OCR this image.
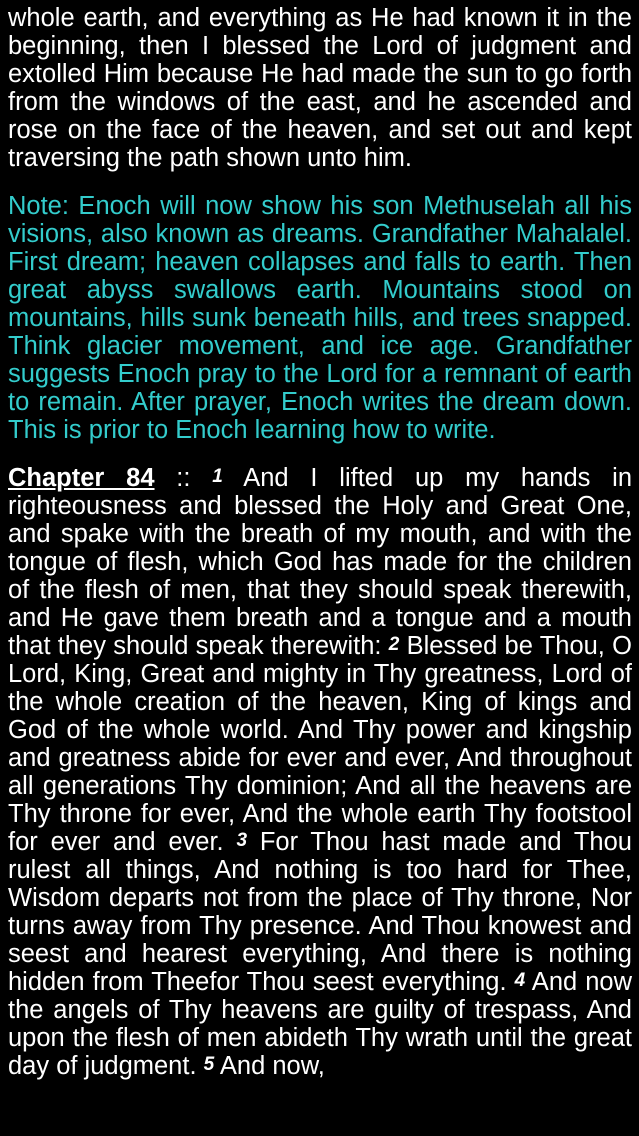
whole earth, and everything as He had known it in the beginning, then I blessed the Lord of judgment and extolled Him because He had made the sun to go forth from the windows of the east, and he ascended and rose on the face of the heaven, and set out and kept traversing the path shown unto him.

Note: Enoch will now show his son Methuselah all his visions, also known as dreams. Grandfather Mahalalel. First dream; heaven collapses and falls to earth. Then great abyss swallows earth. Mountains stood on mountains, hills sunk beneath hills, and trees snapped. Think glacier movement, and ice age. Grandfather suggests Enoch pray to the Lord for a remnant of earth to remain. After prayer, Enoch writes the dream down. This is prior to Enoch learning how to write.

Chapter 84 :: 1 And I lifted up my hands in righteousness and blessed the Holy and Great One, and spake with the breath of my mouth, and with the tongue of flesh, which God has made for the children of the flesh of men, that they should speak therewith, and He gave them breath and a tongue and a mouth that they should speak therewith: 2 Blessed be Thou, O Lord, King, Great and mighty in Thy greatness, Lord of the whole creation of the heaven, King of kings and God of the whole world. And Thy power and kingship and greatness abide for ever and ever, And throughout all generations Thy dominion; And all the heavens are Thy throne for ever, And the whole earth Thy footstool for ever and ever. 3 For Thou hast made and Thou rulest all things, And nothing is too hard for Thee, Wisdom departs not from the place of Thy throne, Nor turns away from Thy presence. And Thou knowest and seest and hearest everything, And there is nothing hidden from Theefor Thou seest everything. 4 And now the angels of Thy heavens are guilty of trespass, And upon the flesh of men abideth Thy wrath until the great day of judgment. 5 And now,
